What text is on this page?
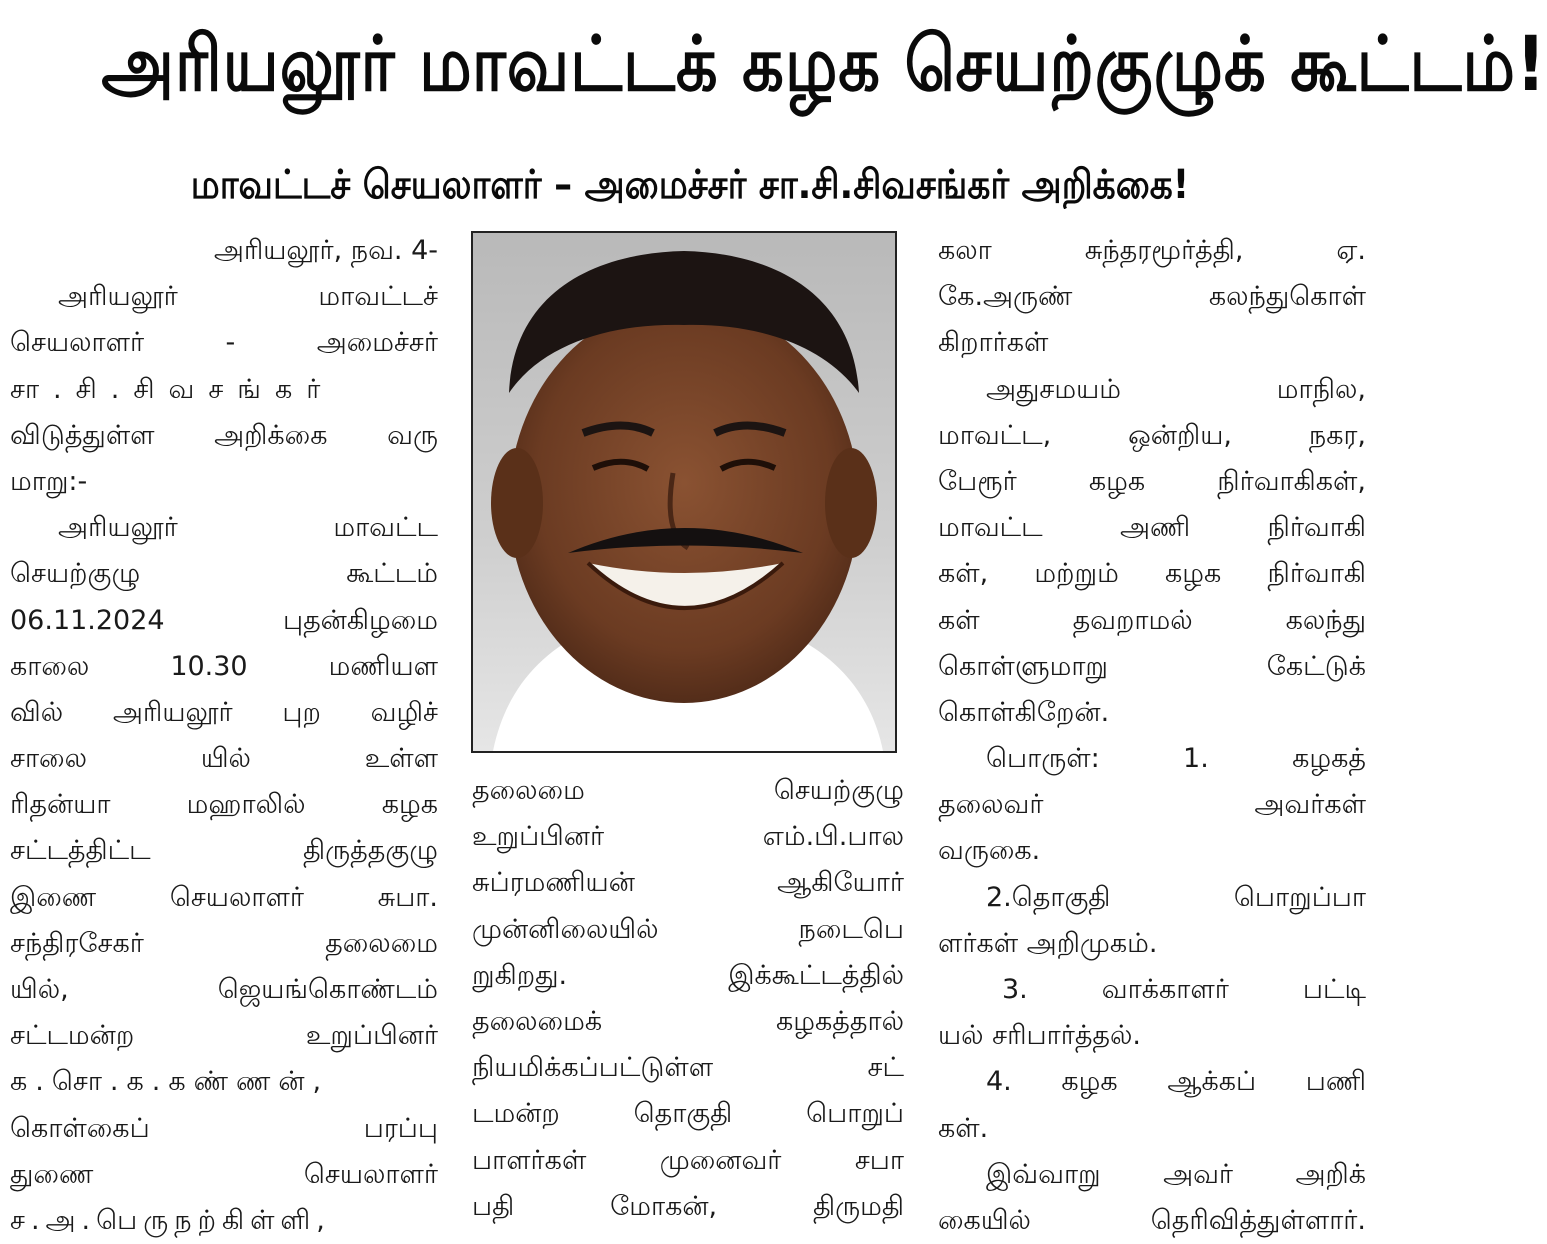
அரியலூர் மாவட்டக் கழக செயற்குழுக் கூட்டம்!
மாவட்டச் செயலாளர் – அமைச்சர் சா.சி.சிவசங்கர் அறிக்கை!
அரியலூர், நவ. 4-
அரியலூர் மாவட்டச்
செயலாளர் - அமைச்சர்
சா.சி.சிவசங்கர்
விடுத்துள்ள அறிக்கை வரு
மாறு:-
அரியலூர் மாவட்ட
செயற்குழு கூட்டம்
06.11.2024 புதன்கிழமை
காலை 10.30 மணியள
வில் அரியலூர் புற வழிச்
சாலை யில் உள்ள
ரிதன்யா மஹாலில் கழக
சட்டத்திட்ட திருத்தகுழு
இணை செயலாளர் சுபா.
சந்திரசேகர் தலைமை
யில், ஜெயங்கொண்டம்
சட்டமன்ற உறுப்பினர்
க.சொ.க.கண்ணன்,
கொள்கைப் பரப்பு
துணை செயலாளர்
ச.அ.பெருநற்கிள்ளி,
தலைமை செயற்குழு
உறுப்பினர் எம்.பி.பால
சுப்ரமணியன் ஆகியோர்
முன்னிலையில் நடைபெ
றுகிறது. இக்கூட்டத்தில்
தலைமைக் கழகத்தால்
நியமிக்கப்பட்டுள்ள சட்
டமன்ற தொகுதி பொறுப்
பாளர்கள் முனைவர் சபா
பதி மோகன், திருமதி
கலா சுந்தரமூர்த்தி, ஏ.
கே.அருண் கலந்துகொள்
கிறார்கள்
அதுசமயம் மாநில,
மாவட்ட, ஒன்றிய, நகர,
பேரூர் கழக நிர்வாகிகள்,
மாவட்ட அணி நிர்வாகி
கள், மற்றும் கழக நிர்வாகி
கள் தவறாமல் கலந்து
கொள்ளுமாறு கேட்டுக்
கொள்கிறேன்.
பொருள்: 1. கழகத்
தலைவர் அவர்கள்
வருகை.
2.தொகுதி பொறுப்பா
ளர்கள் அறிமுகம்.
3. வாக்காளர் பட்டி
யல் சரிபார்த்தல்.
4. கழக ஆக்கப் பணி
கள்.
இவ்வாறு அவர் அறிக்
கையில் தெரிவித்துள்ளார்.
